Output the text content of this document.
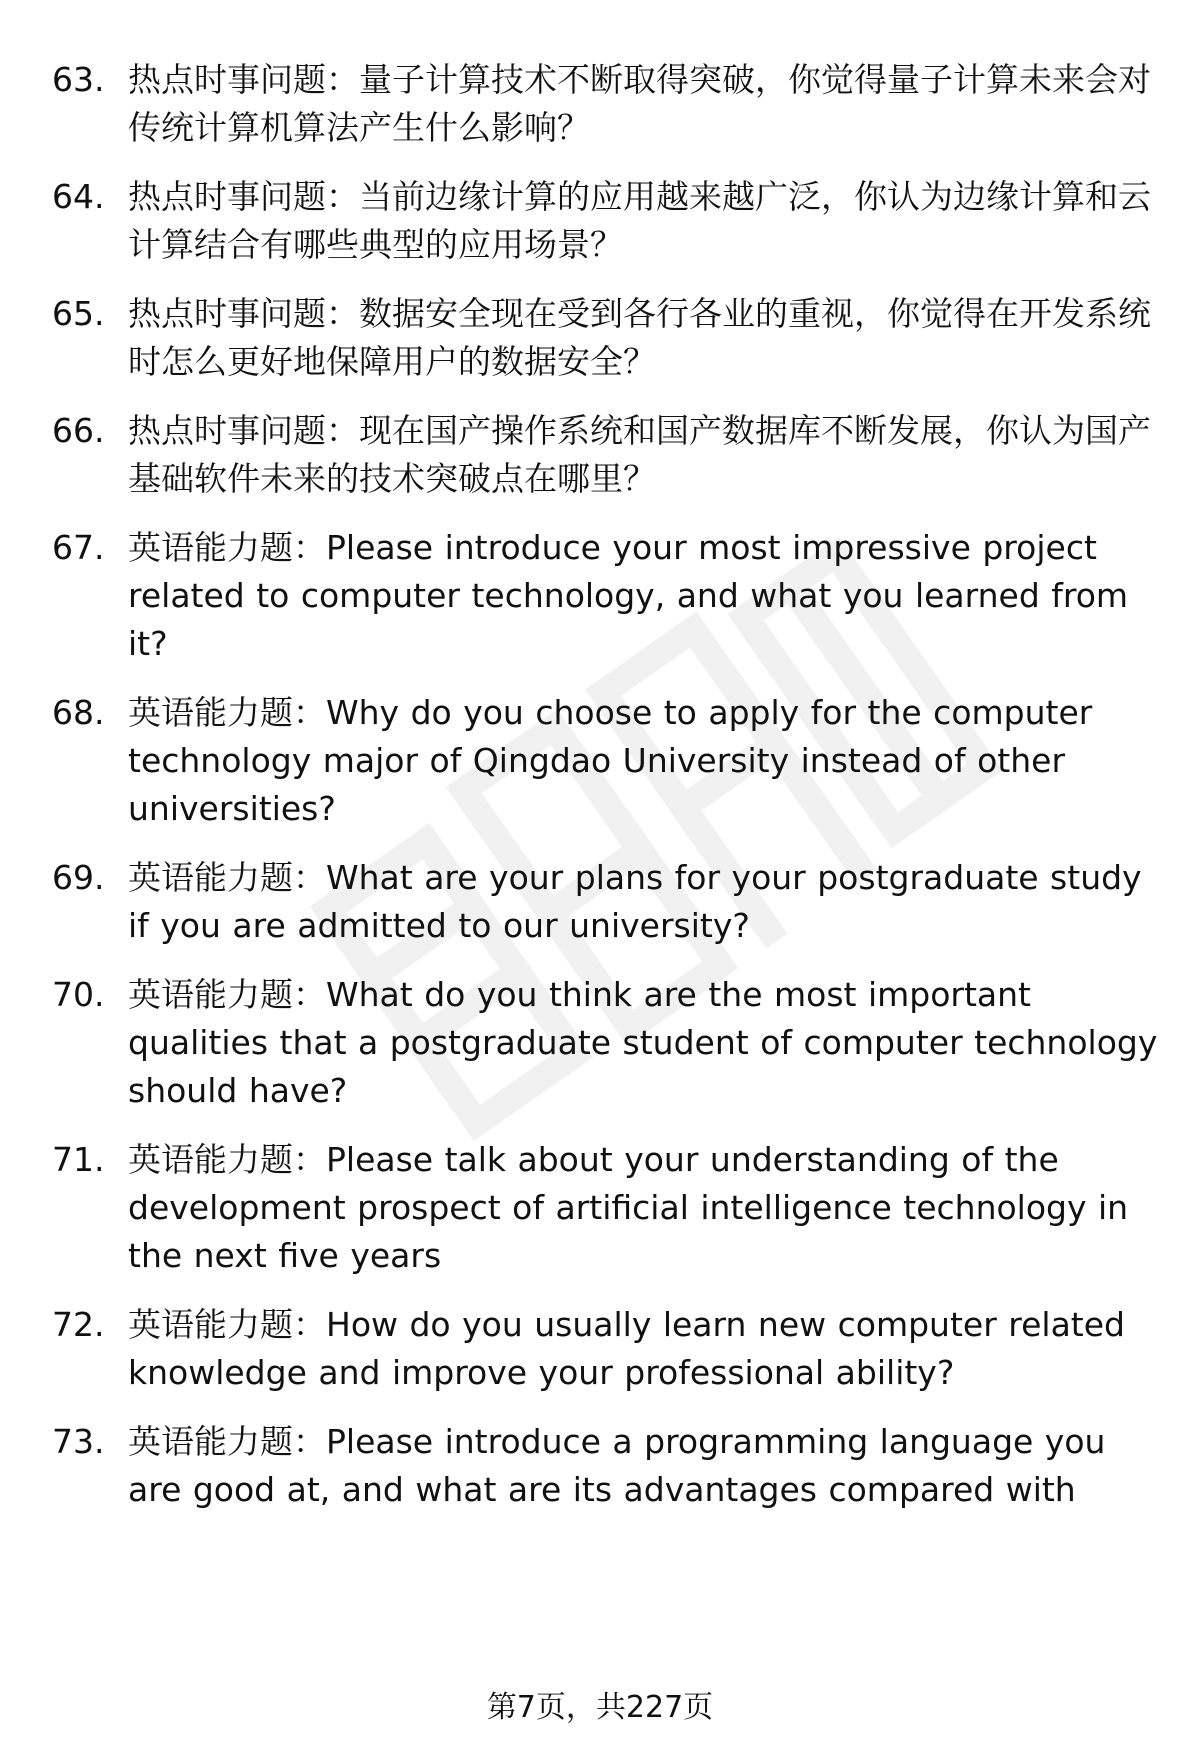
63. 热点时事问题：量子计算技术不断取得突破，你觉得量子计算未来会对传统计算机算法产生什么影响？
64. 热点时事问题：当前边缘计算的应用越来越广泛，你认为边缘计算和云计算结合有哪些典型的应用场景？
65. 热点时事问题：数据安全现在受到各行各业的重视，你觉得在开发系统时怎么更好地保障用户的数据安全？
66. 热点时事问题：现在国产操作系统和国产数据库不断发展，你认为国产基础软件未来的技术突破点在哪里？
67. 英语能力题：Please introduce your most impressive project related to computer technology, and what you learned from it?
68. 英语能力题：Why do you choose to apply for the computer technology major of Qingdao University instead of other universities?
69. 英语能力题：What are your plans for your postgraduate study if you are admitted to our university?
70. 英语能力题：What do you think are the most important qualities that a postgraduate student of computer technology should have?
71. 英语能力题：Please talk about your understanding of the development prospect of artificial intelligence technology in the next five years
72. 英语能力题：How do you usually learn new computer related knowledge and improve your professional ability?
73. 英语能力题：Please introduce a programming language you are good at, and what are its advantages compared with
第7页，共227页
